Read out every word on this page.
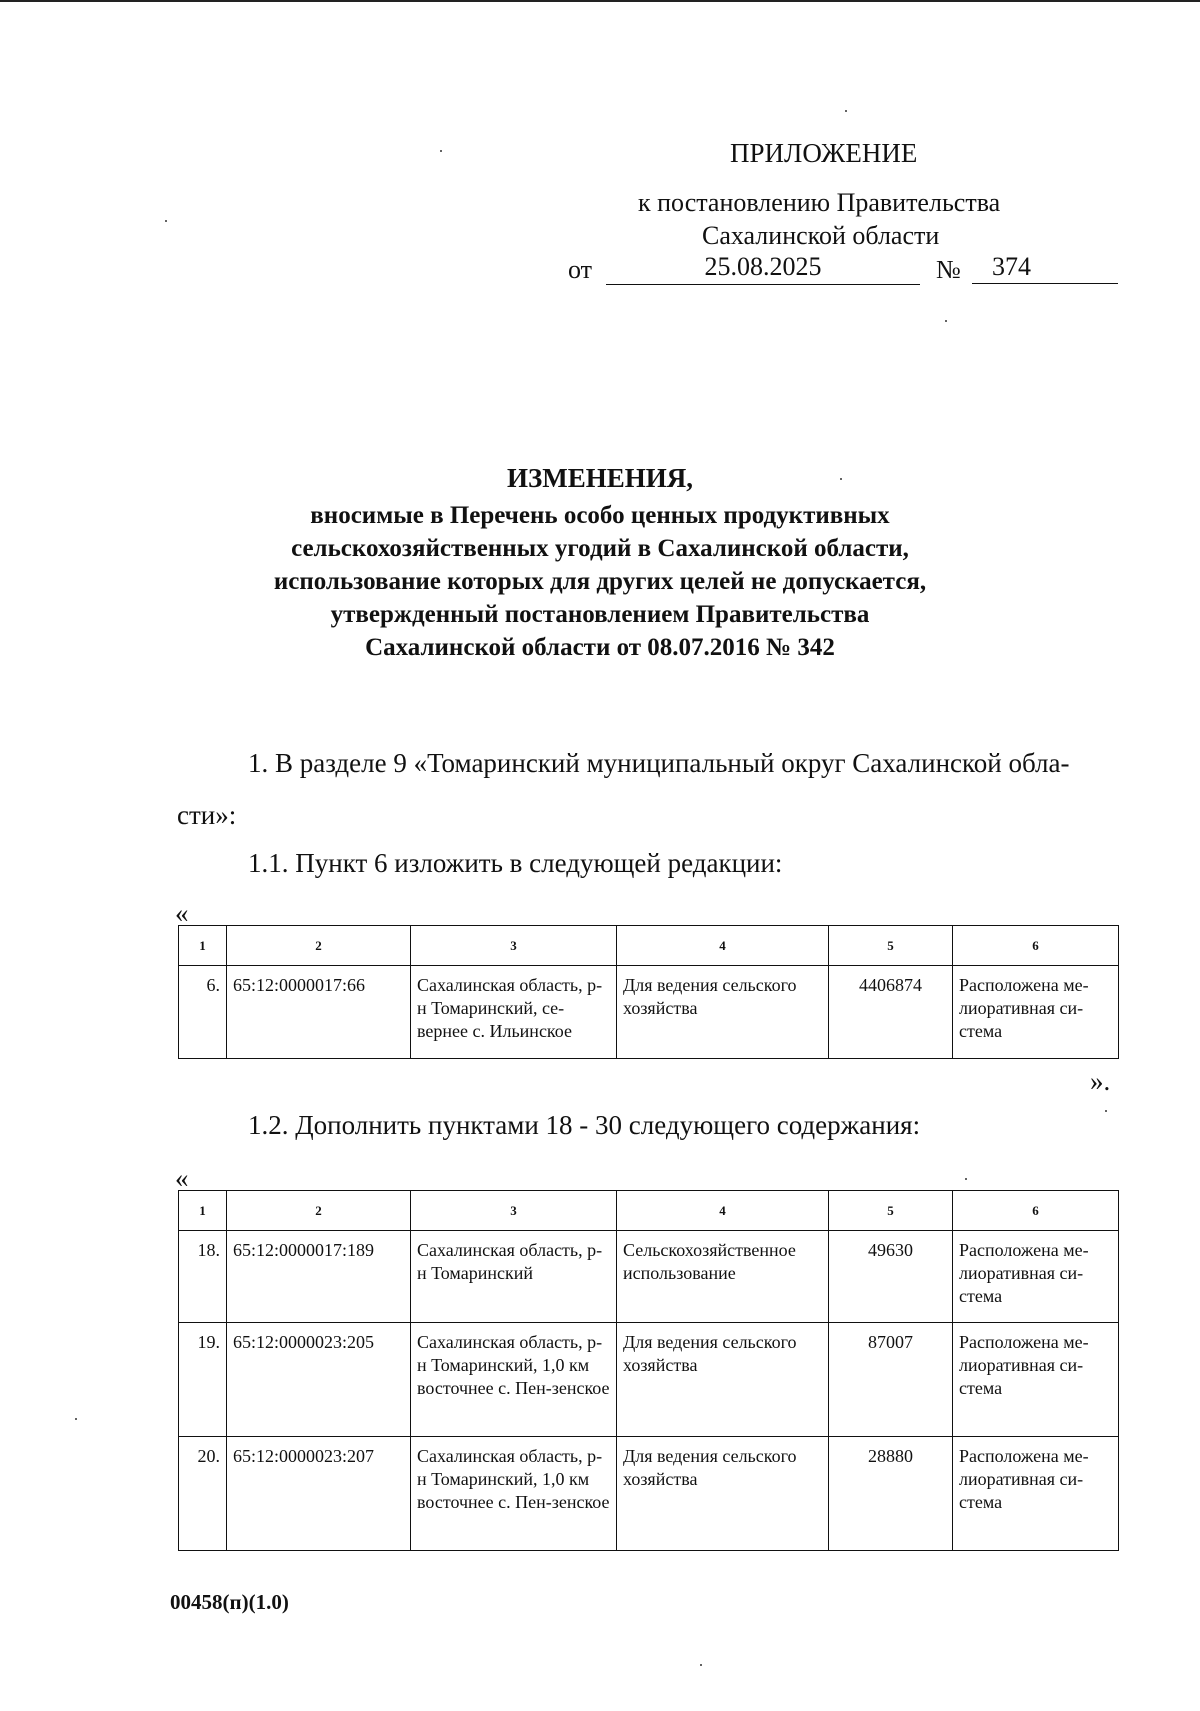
ПРИЛОЖЕНИЕ
к постановлению Правительства
Сахалинской области
от	25.08.2025	№	374
ИЗМЕНЕНИЯ,
вносимые в Перечень особо ценных продуктивных
сельскохозяйственных угодий в Сахалинской области,
использование которых для других целей не допускается,
утвержденный постановлением Правительства
Сахалинской области от 08.07.2016 № 342
1. В разделе 9 «Томаринский муниципальный округ Сахалинской обла-
сти»:
1.1. Пункт 6 изложить в следующей редакции:
«
1	2	3	4	5	6
6.	65:12:0000017:66	Сахалинская область, р-н Томаринский, се-вернее с. Ильинское	Для ведения сельского хозяйства	4406874	Расположена ме-лиоративная си-стема
».
1.2. Дополнить пунктами 18 - 30 следующего содержания:
«
1	2	3	4	5	6
18.	65:12:0000017:189	Сахалинская область, р-н Томаринский	Сельскохозяйственное использование	49630	Расположена ме-лиоративная си-стема
19.	65:12:0000023:205	Сахалинская область, р-н Томаринский, 1,0 км восточнее с. Пен-зенское	Для ведения сельского хозяйства	87007	Расположена ме-лиоративная си-стема
20.	65:12:0000023:207	Сахалинская область, р-н Томаринский, 1,0 км восточнее с. Пен-зенское	Для ведения сельского хозяйства	28880	Расположена ме-лиоративная си-стема
00458(п)(1.0)
